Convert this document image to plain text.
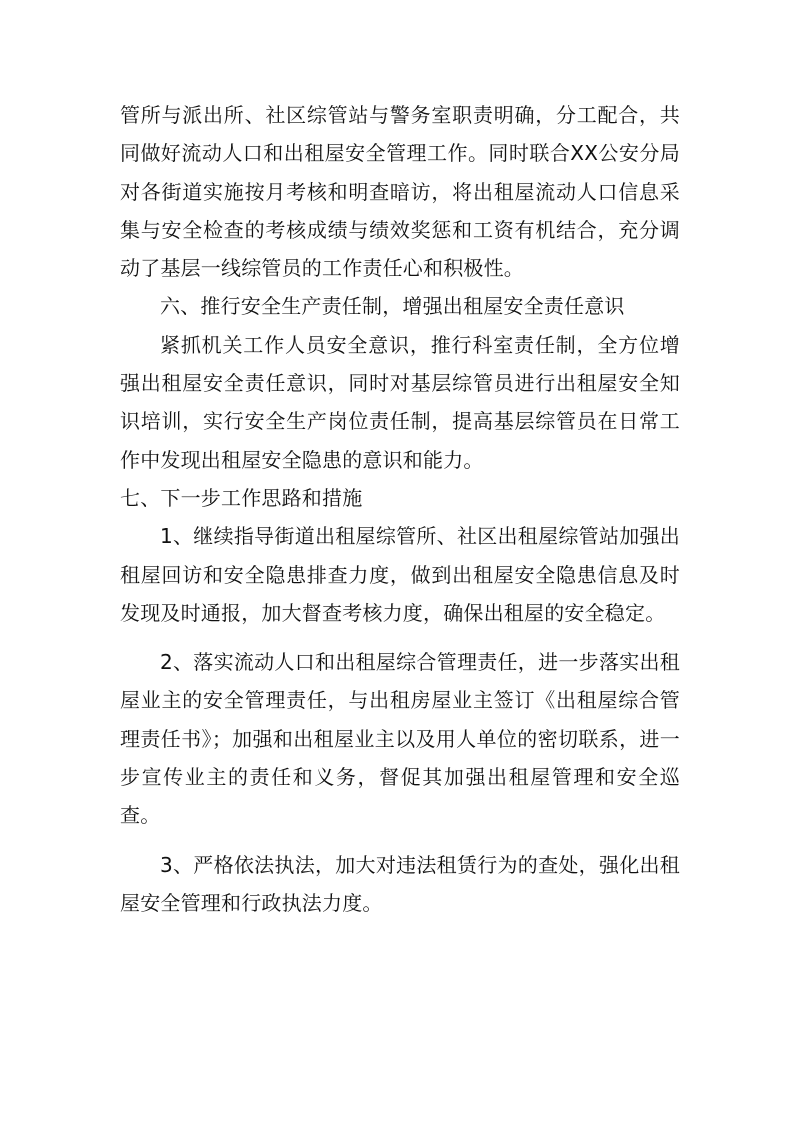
管所与派出所、社区综管站与警务室职责明确，分工配合，共同做好流动人口和出租屋安全管理工作。同时联合XX公安分局对各街道实施按月考核和明查暗访，将出租屋流动人口信息采集与安全检查的考核成绩与绩效奖惩和工资有机结合，充分调动了基层一线综管员的工作责任心和积极性。

六、推行安全生产责任制，增强出租屋安全责任意识

紧抓机关工作人员安全意识，推行科室责任制，全方位增强出租屋安全责任意识，同时对基层综管员进行出租屋安全知识培训，实行安全生产岗位责任制，提高基层综管员在日常工作中发现出租屋安全隐患的意识和能力。

七、下一步工作思路和措施

1、继续指导街道出租屋综管所、社区出租屋综管站加强出租屋回访和安全隐患排查力度，做到出租屋安全隐患信息及时发现及时通报，加大督查考核力度，确保出租屋的安全稳定。

2、落实流动人口和出租屋综合管理责任，进一步落实出租屋业主的安全管理责任，与出租房屋业主签订《出租屋综合管理责任书》；加强和出租屋业主以及用人单位的密切联系，进一步宣传业主的责任和义务，督促其加强出租屋管理和安全巡查。

3、严格依法执法，加大对违法租赁行为的查处，强化出租屋安全管理和行政执法力度。
